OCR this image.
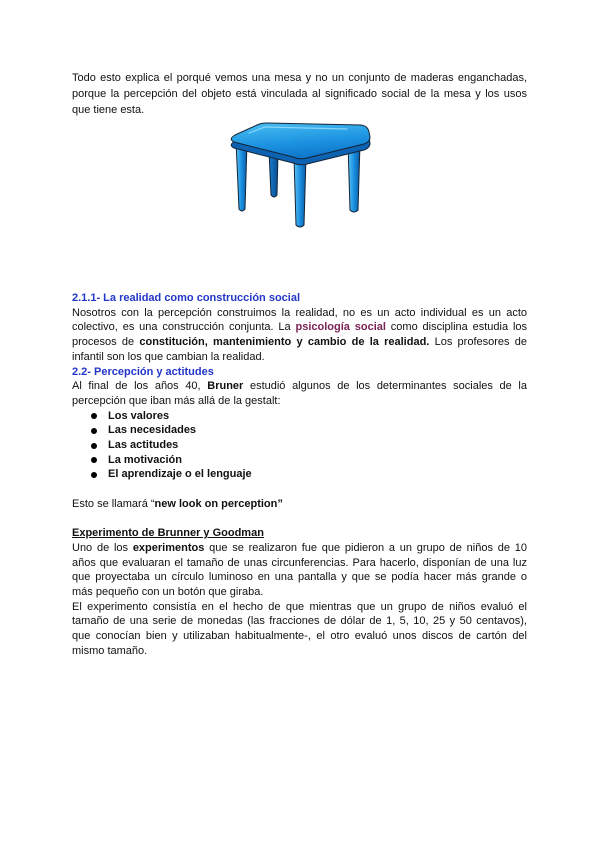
Todo esto explica el porqué vemos una mesa y no un conjunto de maderas enganchadas,
porque la percepción del objeto está vinculada al significado social de la mesa y los usos
que tiene esta.
2.1.1- La realidad como construcción social
Nosotros con la percepción construimos la realidad, no es un acto individual es un acto
colectivo, es una construcción conjunta. La psicología social como disciplina estudia los
procesos de constitución, mantenimiento y cambio de la realidad. Los profesores de
infantil son los que cambian la realidad.
2.2- Percepción y actitudes
Al final de los años 40, Bruner estudió algunos de los determinantes sociales de la
percepción que iban más allá de la gestalt:
Los valores
Las necesidades
Las actitudes
La motivación
El aprendizaje o el lenguaje
Esto se llamará “new look on perception”
Experimento de Brunner y Goodman
Uno de los experimentos que se realizaron fue que pidieron a un grupo de niños de 10
años que evaluaran el tamaño de unas circunferencias. Para hacerlo, disponían de una luz
que proyectaba un círculo luminoso en una pantalla y que se podía hacer más grande o
más pequeño con un botón que giraba.
El experimento consistía en el hecho de que mientras que un grupo de niños evaluó el
tamaño de una serie de monedas (las fracciones de dólar de 1, 5, 10, 25 y 50 centavos),
que conocían bien y utilizaban habitualmente-, el otro evaluó unos discos de cartón del
mismo tamaño.
